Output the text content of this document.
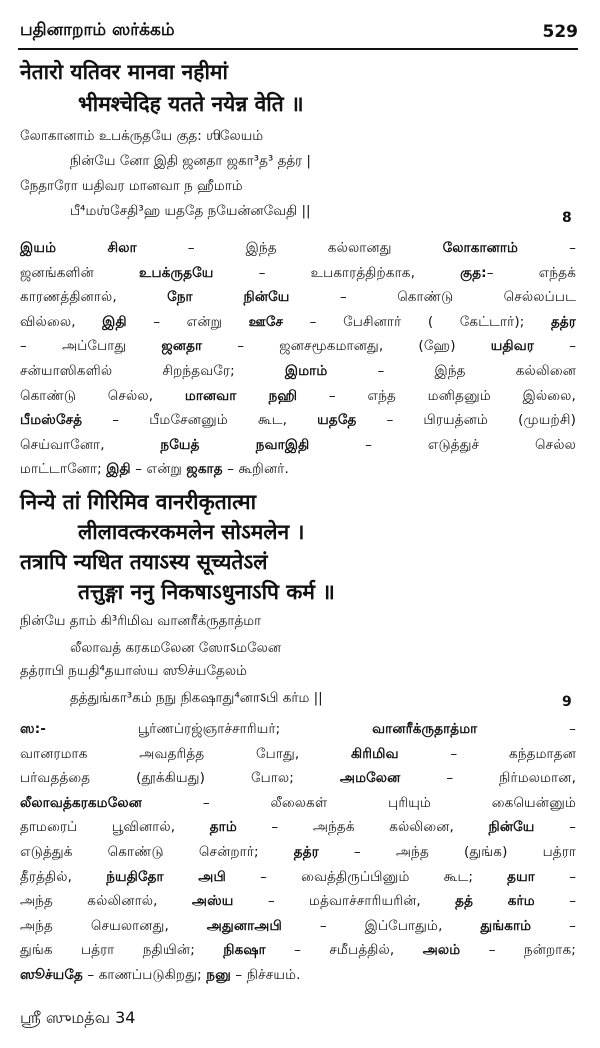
பதினாறாம் ஸர்க்கம்	529
नेतारो यतिवर मानवा नहीमां
भीमश्चेदिह यतते नयेन्न वेति ॥
லோகானாம் உபக்ருதயே குத: ஶிலேயம்
நின்யே னோ இதி ஜனதா ஜகா³த³ தத்ர |
நேதாரோ யதிவர மானவா ந ஹீமாம்
பீ⁴மஶ்சேதி³ஹ யததே நயேன்னவேதி ||	8
இயம் சிலா – இந்த கல்லானது லோகானாம் –
ஜனங்களின் உபக்ருதயே – உபகாரத்திற்காக, குத:– எந்தக்
காரணத்தினால், நோ நின்யே – கொண்டு செல்லப்பட
வில்லை, இதி – என்று ஊசே – பேசினார் ( கேட்டார்); தத்ர
– அப்போது ஜனதா – ஜனசமூகமானது, (ஹே) யதிவர –
சன்யாஸிகளில் சிறந்தவரே; இமாம் – இந்த கல்லினை
கொண்டு செல்ல, மானவா நஹி – எந்த மனிதனும் இல்லை,
பீமஸ்சேத் – பீமசேனனும் கூட, யததே – பிரயத்னம் (முயற்சி)
செய்வானோ, நயேத் நவாஇதி – எடுத்துச் செல்ல
மாட்டானோ; இதி – என்று ஜகாத – கூறினர்.
निन्ये तां गिरिमिव वानरीकृतात्मा
लीलावत्करकमलेन सोऽमलेन ।
तत्रापि न्यधित तयाऽस्य सूच्यतेऽलं
तत्तुङ्गा ननु निकषाऽधुनाऽपि कर्म ॥
நின்யே தாம் கி³ரிமிவ வானரீக்ருதாத்மா
லீலாவத் கரகமலேன ஸோऽமலேன
தத்ராபி நயதி⁴தயாஸ்ய ஸூச்யதேலம்
தத்துங்கா³கம் நநு நிகஷாது⁴னாऽபி கர்ம ||	9
ஸ:- பூர்ணப்ரஜ்ஞாச்சாரியர்; வானரீக்ருதாத்மா –
வானரமாக அவதரித்த போது, கிரிமிவ – கந்தமாதன
பர்வதத்தை (தூக்கியது) போல; அமலேன – நிர்மலமான,
லீலாவத்கரகமலேன – லீலைகள் புரியும் கையென்னும்
தாமரைப் பூவினால், தாம் – அந்தக் கல்லினை, நின்யே –
எடுத்துக் கொண்டு சென்றார்; தத்ர – அந்த (துங்க) பத்ரா
தீரத்தில், ந்யதிதோ அபி – வைத்திருப்பினும் கூட; தயா –
அந்த கல்லினால், அஸ்ய – மத்வாச்சாரியரின், தத் கர்ம –
அந்த செயலானது, அதுனாஅபி – இப்போதும், துங்காம் –
துங்க பத்ரா நதியின்; நிகஷா – சமீபத்தில், அலம் – நன்றாக;
ஸூச்யதே – காணப்படுகிறது; நனு – நிச்சயம்.
ஸ்ரீ ஸுமத்வ 34
